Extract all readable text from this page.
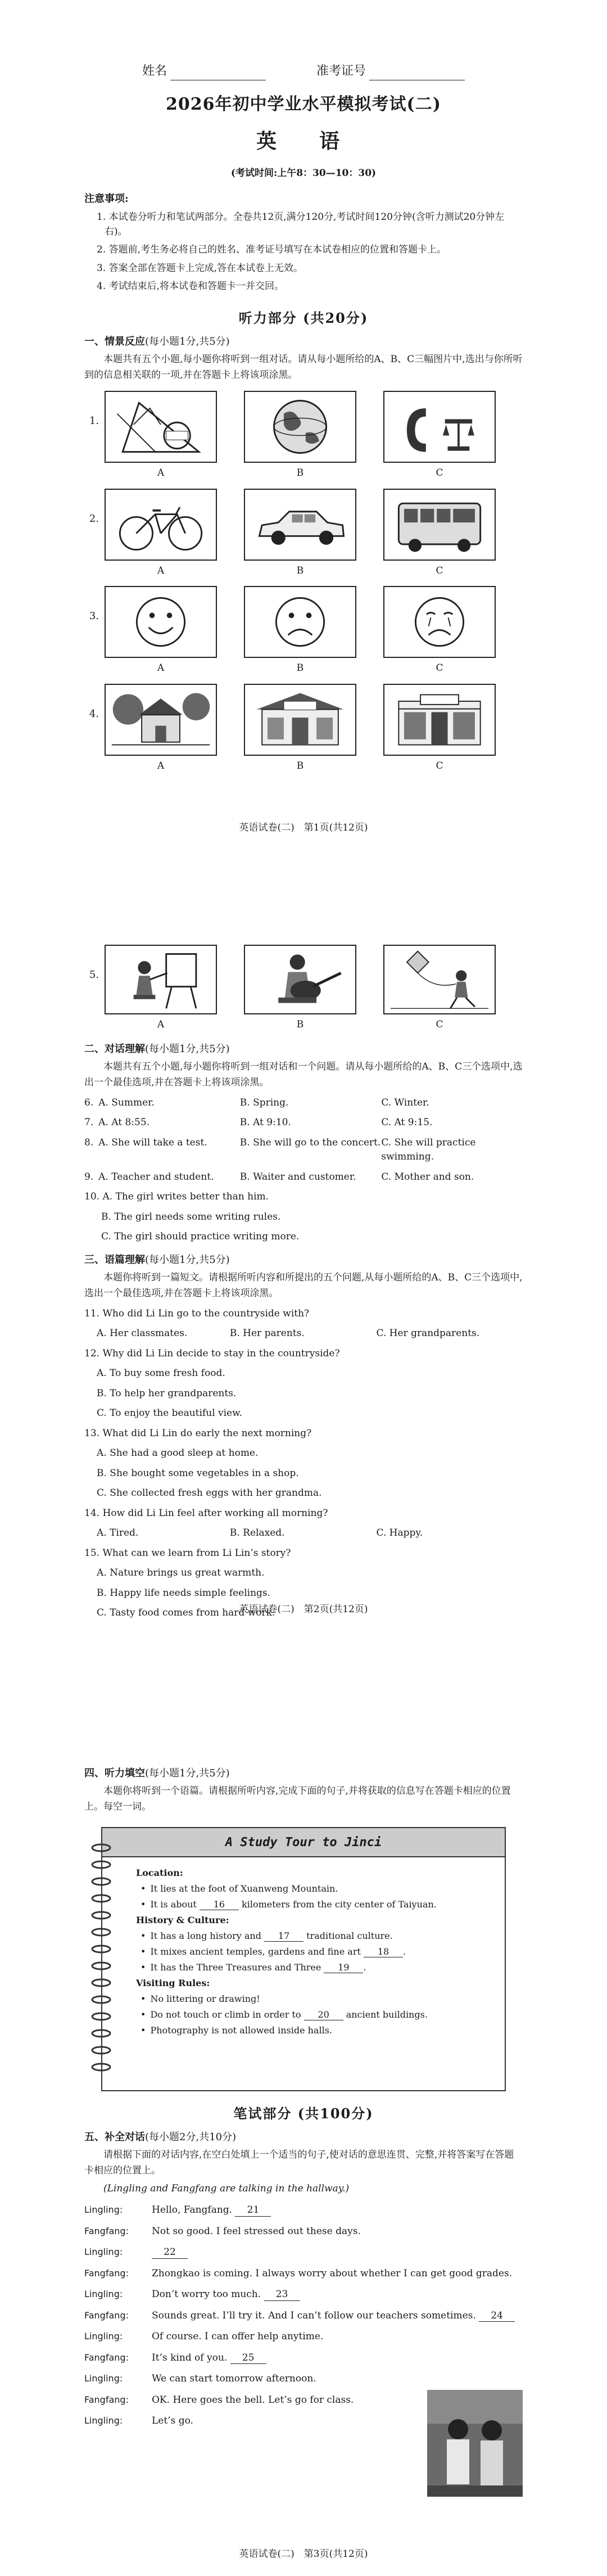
姓名	准考证号
2026年初中学业水平模拟考试(二)
英　语
(考试时间:上午8：30—10：30)
注意事项:
1. 本试卷分听力和笔试两部分。全卷共12页,满分120分,考试时间120分钟(含听力测试20分钟左右)。
2. 答题前,考生务必将自己的姓名、准考证号填写在本试卷相应的位置和答题卡上。
3. 答案全部在答题卡上完成,答在本试卷上无效。
4. 考试结束后,将本试卷和答题卡一并交回。
听力部分 (共20分)
一、情景反应(每小题1分,共5分)
本题共有五个小题,每小题你将听到一组对话。请从每小题所给的A、B、C三幅图片中,选出与你所听到的信息相关联的一项,并在答题卡上将该项涂黑。
1.
A	B	C
2.
A	B	C
3.
A	B	C
4.
A	B	C
英语试卷(二)　第1页(共12页)
5.
A	B	C
二、对话理解(每小题1分,共5分)
本题共有五个小题,每小题你将听到一组对话和一个问题。请从每小题所给的A、B、C三个选项中,选出一个最佳选项,并在答题卡上将该项涂黑。
6. A. Summer.	B. Spring.	C. Winter.
7. A. At 8:55.	B. At 9:10.	C. At 9:15.
8. A. She will take a test.	B. She will go to the concert. C. She will practice swimming.
9. A. Teacher and student.	B. Waiter and customer.	C. Mother and son.
10. A. The girl writes better than him.
B. The girl needs some writing rules.
C. The girl should practice writing more.
三、语篇理解(每小题1分,共5分)
本题你将听到一篇短文。请根据所听内容和所提出的五个问题,从每小题所给的A、B、C三个选项中,选出一个最佳选项,并在答题卡上将该项涂黑。
11. Who did Li Lin go to the countryside with?
A. Her classmates.	B. Her parents.	C. Her grandparents.
12. Why did Li Lin decide to stay in the countryside?
A. To buy some fresh food.
B. To help her grandparents.
C. To enjoy the beautiful view.
13. What did Li Lin do early the next morning?
A. She had a good sleep at home.
B. She bought some vegetables in a shop.
C. She collected fresh eggs with her grandma.
14. How did Li Lin feel after working all morning?
A. Tired.	B. Relaxed.	C. Happy.
15. What can we learn from Li Lin’s story?
A. Nature brings us great warmth.
B. Happy life needs simple feelings.
C. Tasty food comes from hard work.
英语试卷(二)　第2页(共12页)
四、听力填空(每小题1分,共5分)
本题你将听到一个语篇。请根据所听内容,完成下面的句子,并将获取的信息写在答题卡相应的位置上。每空一词。
A Study Tour to Jinci
Location:
• It lies at the foot of Xuanweng Mountain.
• It is about 16 kilometers from the city center of Taiyuan.
History & Culture:
• It has a long history and 17 traditional culture.
• It mixes ancient temples, gardens and fine art 18 .
• It has the Three Treasures and Three 19 .
Visiting Rules:
• No littering or drawing!
• Do not touch or climb in order to 20 ancient buildings.
• Photography is not allowed inside halls.
笔试部分 (共100分)
五、补全对话(每小题2分,共10分)
请根据下面的对话内容,在空白处填上一个适当的句子,使对话的意思连贯、完整,并将答案写在答题卡相应的位置上。
(Lingling and Fangfang are talking in the hallway.)
Lingling:	Hello, Fangfang. 21
Fangfang:	Not so good. I feel stressed out these days.
Lingling:	22
Fangfang:	Zhongkao is coming. I always worry about whether I can get good grades.
Lingling:	Don’t worry too much. 23
Fangfang:	Sounds great. I’ll try it. And I can’t follow our teachers sometimes. 24
Lingling:	Of course. I can offer help anytime.
Fangfang:	It’s kind of you. 25
Lingling:	We can start tomorrow afternoon.
Fangfang:	OK. Here goes the bell. Let’s go for class.
Lingling:	Let’s go.
英语试卷(二)　第3页(共12页)
